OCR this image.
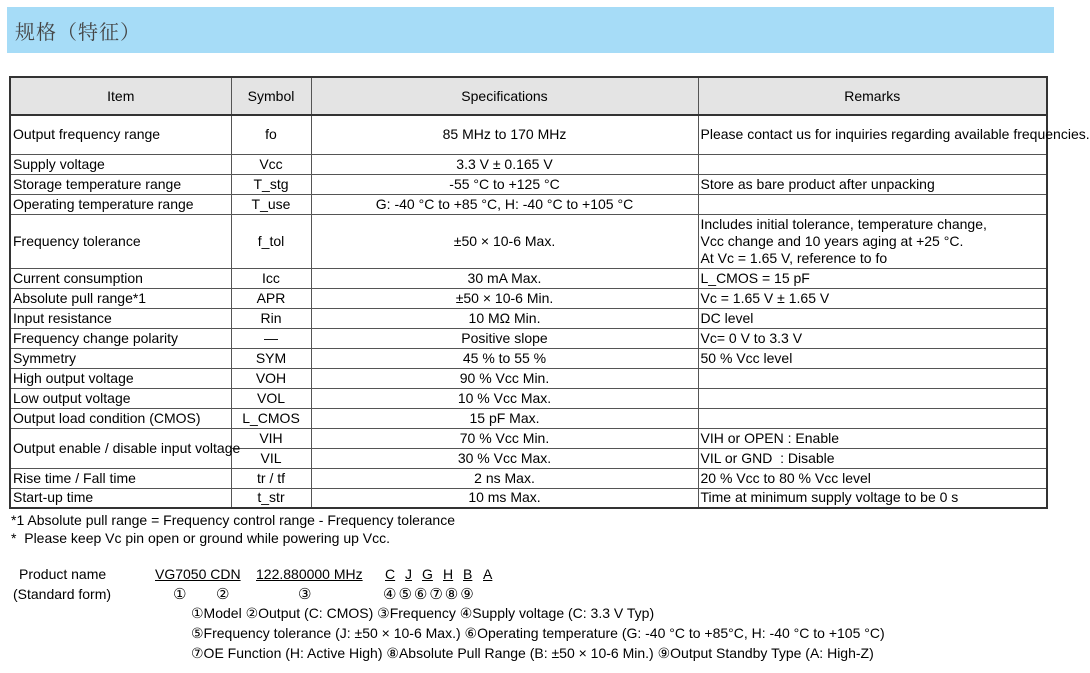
规格（特征）
Item	Symbol	Specifications	Remarks
Output frequency range	fo	85 MHz to 170 MHz	Please contact us for inquiries regarding available frequencies.
Supply voltage	Vcc	3.3 V ± 0.165 V	
Storage temperature range	T_stg	-55 °C to +125 °C	Store as bare product after unpacking
Operating temperature range	T_use	G: -40 °C to +85 °C, H: -40 °C to +105 °C	
Frequency tolerance	f_tol	±50 × 10-6 Max.	Includes initial tolerance, temperature change,
Vcc change and 10 years aging at +25 °C.
At Vc = 1.65 V, reference to fo

Current consumption	Icc	30 mA Max.	L_CMOS = 15 pF
Absolute pull range*1	APR	±50 × 10-6 Min.	Vc = 1.65 V ± 1.65 V
Input resistance	Rin	10 MΩ Min.	DC level
Frequency change polarity	—	Positive slope	Vc= 0 V to 3.3 V
Symmetry	SYM	45 % to 55 %	50 % Vcc level
High output voltage	VOH	90 % Vcc Min.	
Low output voltage	VOL	10 % Vcc Max.	
Output load condition (CMOS)	L_CMOS	15 pF Max.	
Output enable / disable input voltage	VIH	70 % Vcc Min.	VIH or OPEN : Enable
	VIL	30 % Vcc Max.	VIL or GND  : Disable
Rise time / Fall time	tr / tf	2 ns Max.	20 % Vcc to 80 % Vcc level
Start-up time	t_str	10 ms Max.	Time at minimum supply voltage to be 0 s
*1 Absolute pull range = Frequency control range - Frequency tolerance
*  Please keep Vc pin open or ground while powering up Vcc.
Product name
(Standard form)
VG7050 CDN 122.880000 MHz C J G H B A
① ②	③	④⑤⑥⑦⑧⑨
①Model ②Output (C: CMOS) ③Frequency ④Supply voltage (C: 3.3 V Typ)
⑤Frequency tolerance (J: ±50 × 10-6 Max.) ⑥Operating temperature (G: -40 °C to +85°C, H: -40 °C to +105 °C)
⑦OE Function (H: Active High) ⑧Absolute Pull Range (B: ±50 × 10-6 Min.) ⑨Output Standby Type (A: High-Z)
